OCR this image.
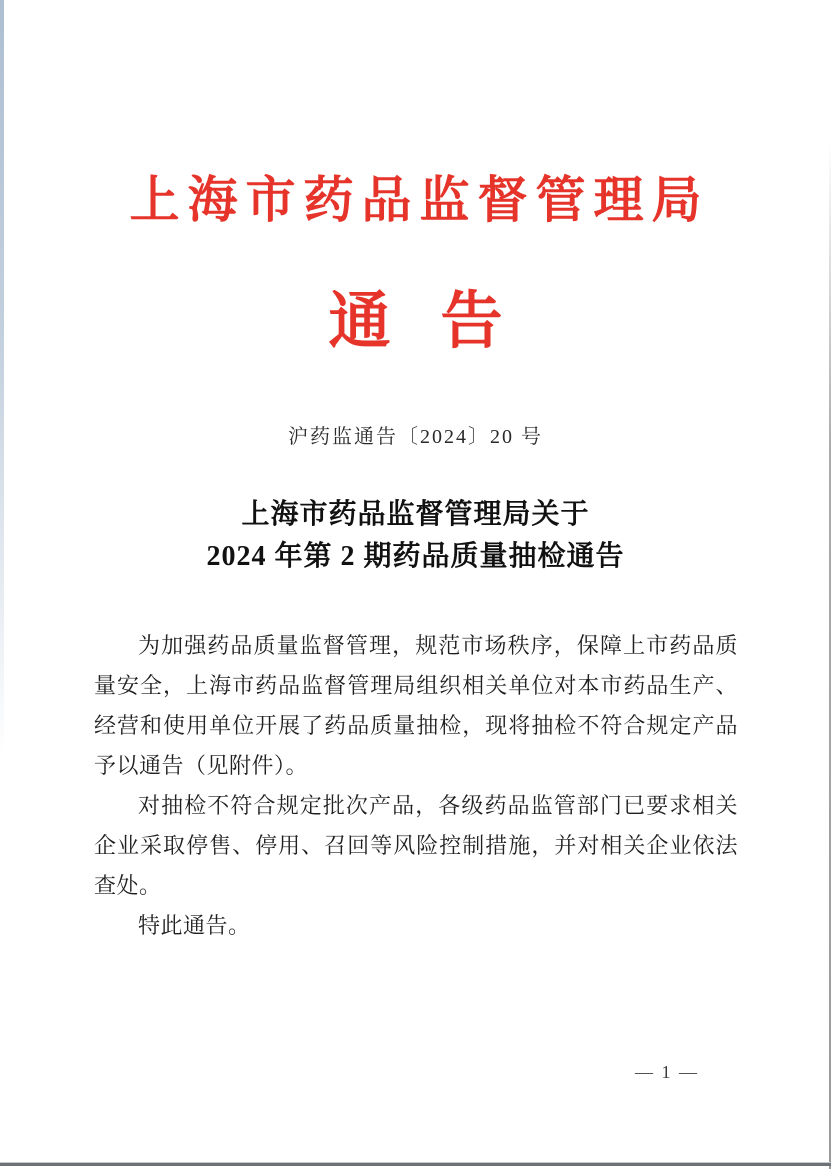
上海市药品监督管理局
通告
沪药监通告〔2024〕20 号
上海市药品监督管理局关于
2024 年第 2 期药品质量抽检通告

为加强药品质量监督管理，规范市场秩序，保障上市药品质量安全，上海市药品监督管理局组织相关单位对本市药品生产、经营和使用单位开展了药品质量抽检，现将抽检不符合规定产品予以通告（见附件）。

对抽检不符合规定批次产品，各级药品监管部门已要求相关企业采取停售、停用、召回等风险控制措施，并对相关企业依法查处。

特此通告。

— 1 —
